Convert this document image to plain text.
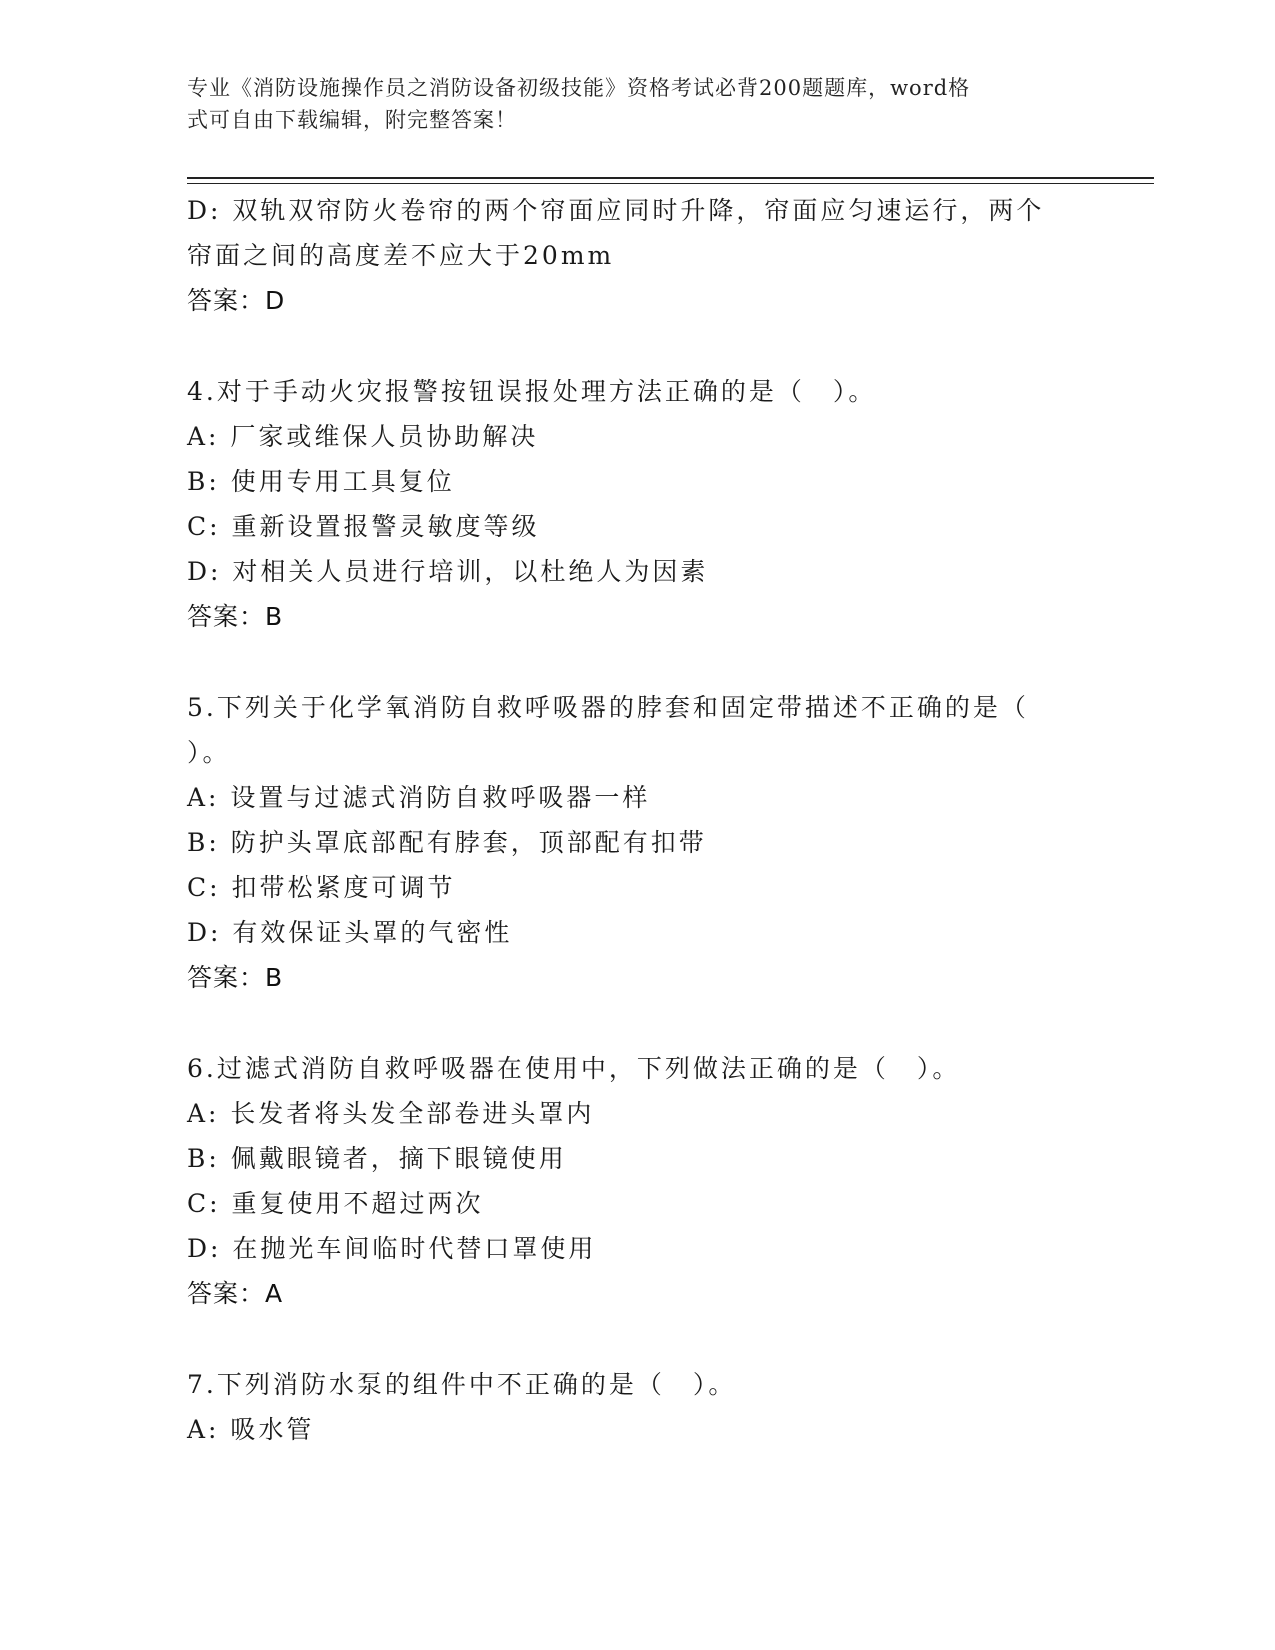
专业《消防设施操作员之消防设备初级技能》资格考试必背200题题库，word格
式可自由下载编辑，附完整答案！
D: 双轨双帘防火卷帘的两个帘面应同时升降，帘面应匀速运行，两个
帘面之间的高度差不应大于20mm
答案：D
4.对于手动火灾报警按钮误报处理方法正确的是（　）。
A: 厂家或维保人员协助解决
B: 使用专用工具复位
C: 重新设置报警灵敏度等级
D: 对相关人员进行培训，以杜绝人为因素
答案：B
5.下列关于化学氧消防自救呼吸器的脖套和固定带描述不正确的是（
）。
A: 设置与过滤式消防自救呼吸器一样
B: 防护头罩底部配有脖套，顶部配有扣带
C: 扣带松紧度可调节
D: 有效保证头罩的气密性
答案：B
6.过滤式消防自救呼吸器在使用中，下列做法正确的是（　）。
A: 长发者将头发全部卷进头罩内
B: 佩戴眼镜者，摘下眼镜使用
C: 重复使用不超过两次
D: 在抛光车间临时代替口罩使用
答案：A
7.下列消防水泵的组件中不正确的是（　）。
A: 吸水管
